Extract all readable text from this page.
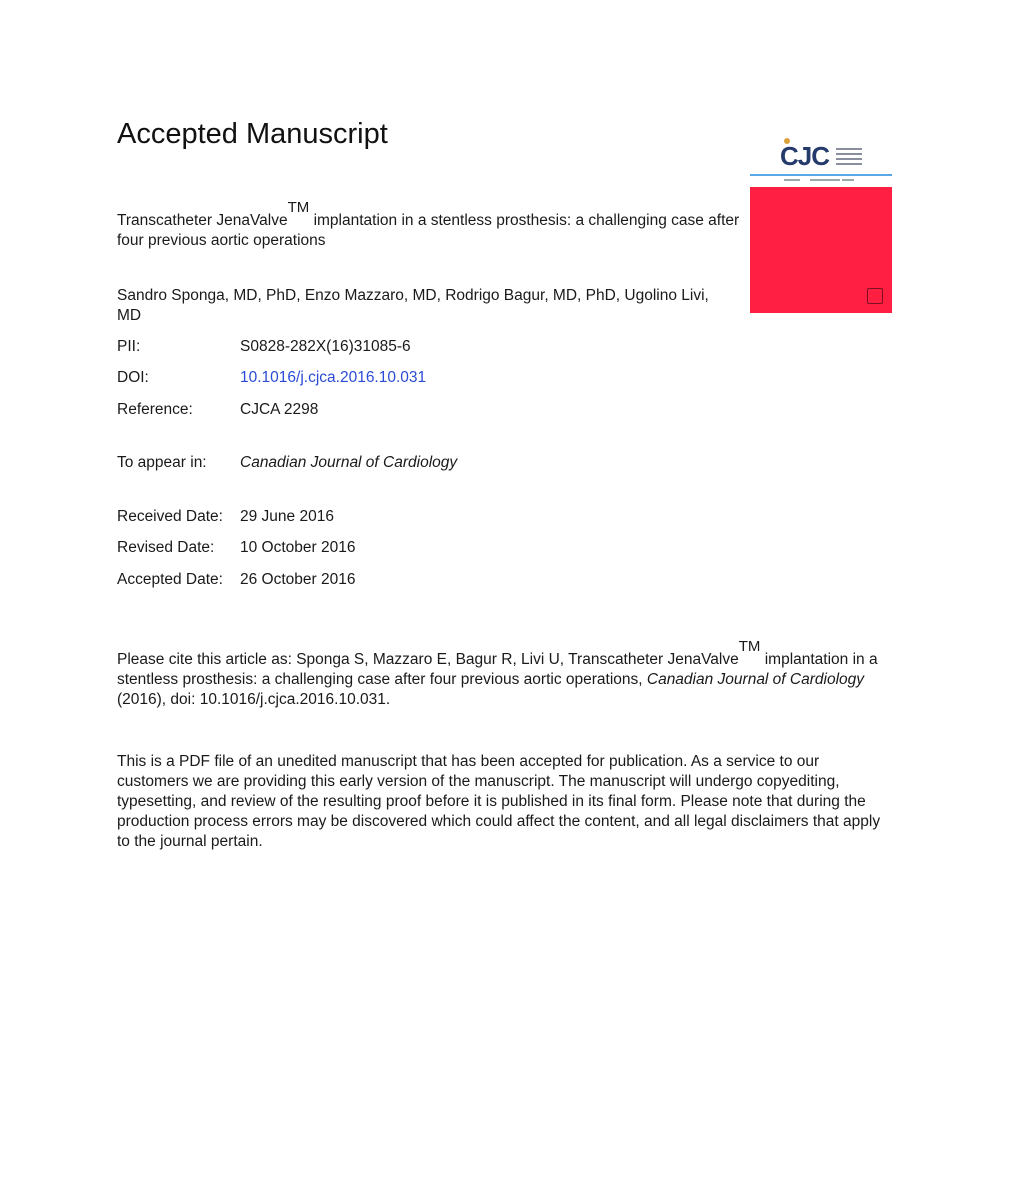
Accepted Manuscript
CJC
Transcatheter JenaValve™ implantation in a stentless prosthesis: a challenging case after four previous aortic operations
Sandro Sponga, MD, PhD, Enzo Mazzaro, MD, Rodrigo Bagur, MD, PhD, Ugolino Livi, MD
PII:	S0828-282X(16)31085-6
DOI:	10.1016/j.cjca.2016.10.031
Reference:	CJCA 2298
To appear in: Canadian Journal of Cardiology
Received Date: 29 June 2016
Revised Date: 10 October 2016
Accepted Date: 26 October 2016
Please cite this article as: Sponga S, Mazzaro E, Bagur R, Livi U, Transcatheter JenaValve™ implantation in a stentless prosthesis: a challenging case after four previous aortic operations, Canadian Journal of Cardiology (2016), doi: 10.1016/j.cjca.2016.10.031.
This is a PDF file of an unedited manuscript that has been accepted for publication. As a service to our customers we are providing this early version of the manuscript. The manuscript will undergo copyediting, typesetting, and review of the resulting proof before it is published in its final form. Please note that during the production process errors may be discovered which could affect the content, and all legal disclaimers that apply to the journal pertain.
